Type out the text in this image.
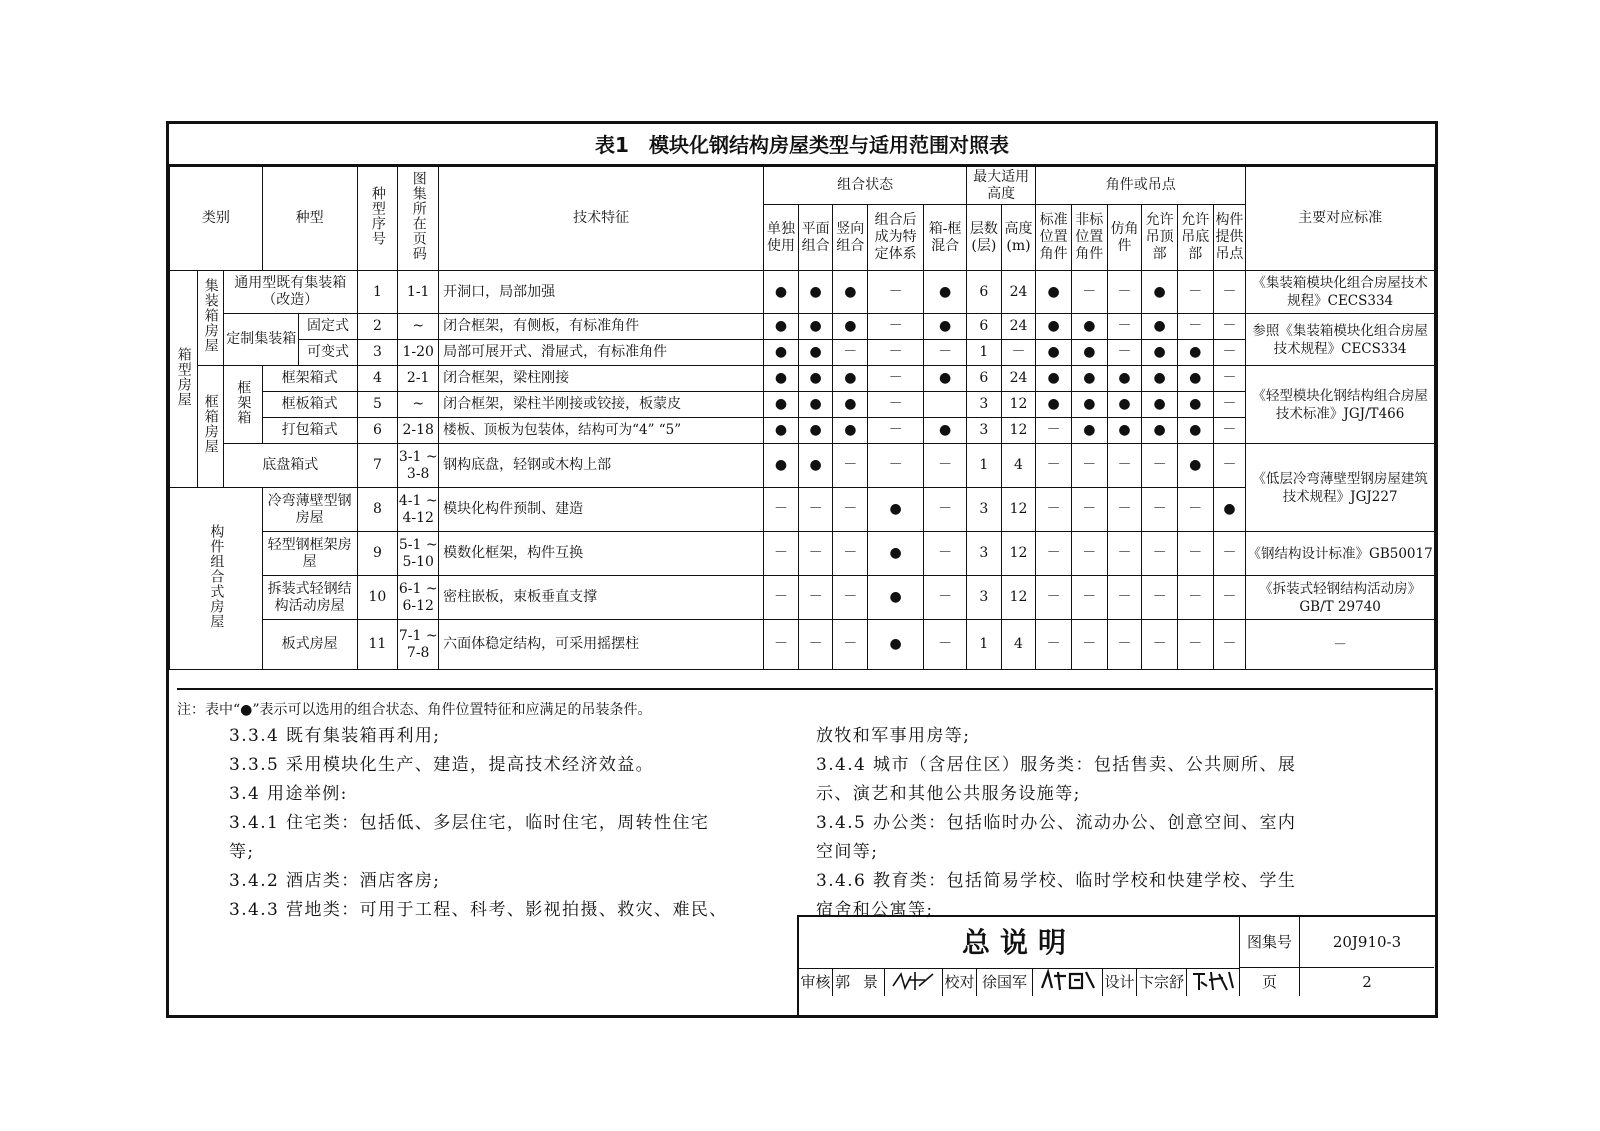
表1　模块化钢结构房屋类型与适用范围对照表
类别			种型		种型序号	图集所在页码	技术特征	组合状态					最大适用高度		角件或吊点						主要对应标准
								单独使用	平面组合	竖向组合	组合后成为特定体系	箱-框混合	层数(层)	高度(m)	标准位置角件	非标位置角件	仿角件	允许吊顶部	允许吊底部	构件提供吊点	
箱型房屋	集装箱房屋	通用型既有集装箱（改造）			1	1-1	开洞口，局部加强	●	●	●	－	●	6	24	●	－	－	●	－	－	《集装箱模块化组合房屋技术规程》CECS334
		定制集装箱		固定式	2	~	闭合框架，有侧板，有标准角件	●	●	●	－	●	6	24	●	●	－	●	－	－	参照《集装箱模块化组合房屋技术规程》CECS334
				可变式	3	1-20	局部可展开式、滑屉式，有标准角件	●	●	－	－	－	1	－	●	●	－	●	●	－	
	框箱房屋	框架箱	框架箱式		4	2-1	闭合框架，梁柱刚接	●	●	●	－	●	6	24	●	●	●	●	●	－	《轻型模块化钢结构组合房屋技术标准》JGJ/T466
			框板箱式		5	~	闭合框架，梁柱半刚接或铰接，板蒙皮	●	●	●	－		3	12	●	●	●	●	●	－	
			打包箱式		6	2-18	楼板、顶板为包装体，结构可为“4” “5”	●	●	●	－	●	3	12	－	●	●	●	●	－	
		底盘箱式			7	3-1 ~ 3-8	钢构底盘，轻钢或木构上部	●	●	－	－	－	1	4	－	－	－	－	●	－	《低层冷弯薄壁型钢房屋建筑技术规程》JGJ227
构件组合式房屋			冷弯薄壁型钢房屋		8	4-1 ~ 4-12	模块化构件预制、建造	－	－	－	●	－	3	12	－	－	－	－	－	●	
			轻型钢框架房屋		9	5-1 ~ 5-10	模数化框架，构件互换	－	－	－	●	－	3	12	－	－	－	－	－	－	《钢结构设计标准》GB50017
			拆装式轻钢结构活动房屋		10	6-1 ~ 6-12	密柱嵌板，束板垂直支撑	－	－	－	●	－	3	12	－	－	－	－	－	－	《拆装式轻钢结构活动房》GB/T 29740
			板式房屋		11	7-1 ~ 7-8	六面体稳定结构，可采用摇摆柱	－	－	－	●	－	1	4	－	－	－	－	－	－	－
注：表中“●”表示可以选用的组合状态、角件位置特征和应满足的吊装条件。
3.3.4 既有集装箱再利用;
3.3.5 采用模块化生产、建造，提高技术经济效益。
3.4 用途举例:
3.4.1 住宅类：包括低、多层住宅，临时住宅，周转性住宅
等;
3.4.2 酒店类：酒店客房;
3.4.3 营地类：可用于工程、科考、影视拍摄、救灾、难民、
放牧和军事用房等;
3.4.4 城市（含居住区）服务类：包括售卖、公共厕所、展
示、演艺和其他公共服务设施等;
3.4.5 办公类：包括临时办公、流动办公、创意空间、室内
空间等;
3.4.6 教育类：包括简易学校、临时学校和快建学校、学生
宿舍和公寓等;
总说明	图集号	20J910-3
页	2
审核 郭 景	校对 徐国军	设计 卞宗舒
